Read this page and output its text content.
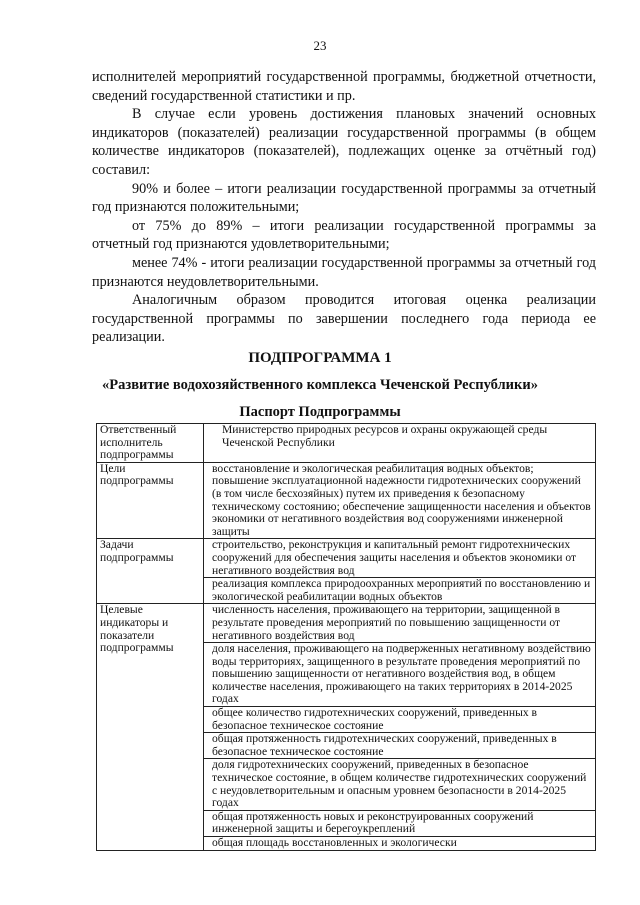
23

исполнителей мероприятий государственной программы, бюджетной отчетности, сведений государственной статистики и пр.

В случае если уровень достижения плановых значений основных индикаторов (показателей) реализации государственной программы (в общем количестве индикаторов (показателей), подлежащих оценке за отчётный год) составил:

90% и более – итоги реализации государственной программы за отчетный год признаются положительными;

от 75% до 89% – итоги реализации государственной программы за отчетный год признаются удовлетворительными;

менее 74% - итоги реализации государственной программы за отчетный год признаются неудовлетворительными.

Аналогичным образом проводится итоговая оценка реализации государственной программы по завершении последнего года периода ее реализации.

ПОДПРОГРАММА 1
«Развитие водохозяйственного комплекса Чеченской Республики»
Паспорт Подпрограммы
Ответственный исполнитель подпрограммы	Министерство природных ресурсов и охраны окружающей среды Чеченской Республики
Цели подпрограммы	восстановление и экологическая реабилитация водных объектов; повышение эксплуатационной надежности гидротехнических сооружений (в том числе бесхозяйных) путем их приведения к безопасному техническому состоянию; обеспечение защищенности населения и объектов экономики от негативного воздействия вод сооружениями инженерной защиты
Задачи подпрограммы	строительство, реконструкция и капитальный ремонт гидротехнических сооружений для обеспечения защиты населения и объектов экономики от негативного воздействия вод
	реализация комплекса природоохранных мероприятий по восстановлению и экологической реабилитации водных объектов
Целевые индикаторы и показатели подпрограммы	численность населения, проживающего на территории, защищенной в результате проведения мероприятий по повышению защищенности от негативного воздействия вод
	доля населения, проживающего на подверженных негативному воздействию воды территориях, защищенного в результате проведения мероприятий по повышению защищенности от негативного воздействия вод, в общем количестве населения, проживающего на таких территориях в 2014-2025 годах
	общее количество гидротехнических сооружений, приведенных в безопасное техническое состояние
	общая протяженность гидротехнических сооружений, приведенных в безопасное техническое состояние
	доля гидротехнических сооружений, приведенных в безопасное техническое состояние, в общем количестве гидротехнических сооружений с неудовлетворительным и опасным уровнем безопасности в 2014-2025 годах
	общая протяженность новых и реконструированных сооружений инженерной защиты и берегоукреплений
	общая площадь восстановленных и экологически
